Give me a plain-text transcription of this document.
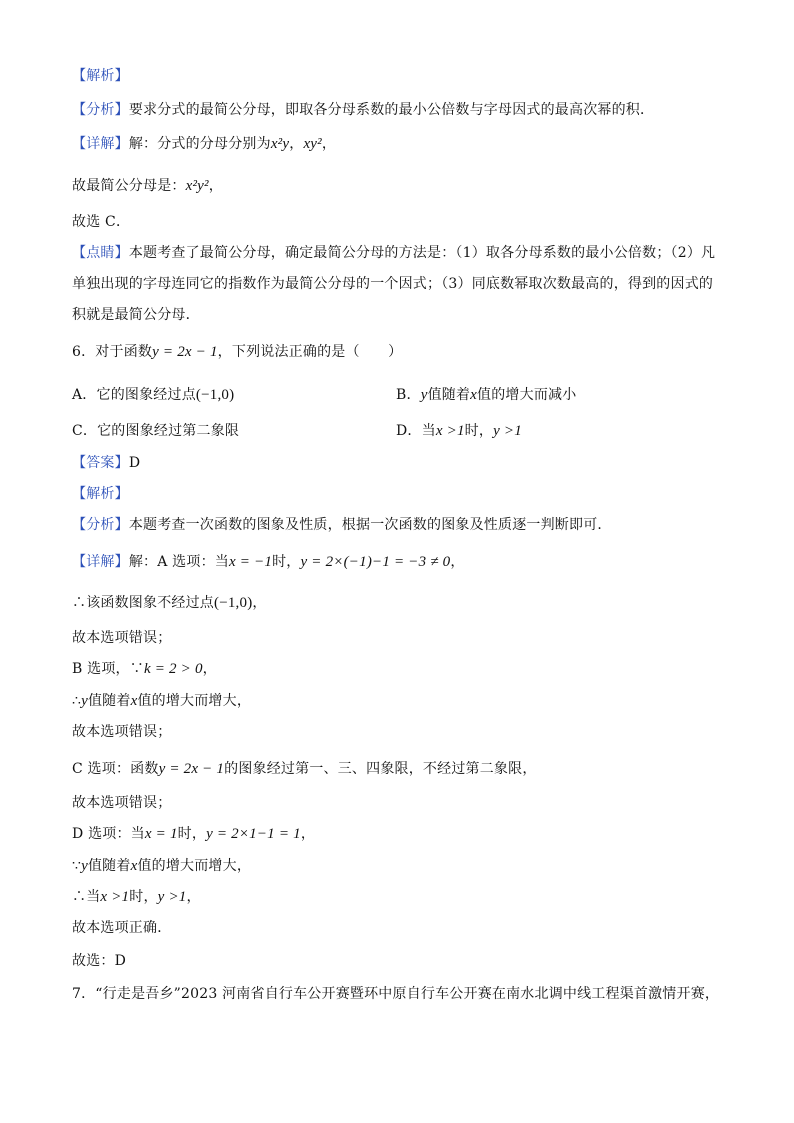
【解析】
【分析】要求分式的最简公分母，即取各分母系数的最小公倍数与字母因式的最高次幂的积．
【详解】解：分式的分母分别为x²y，xy²，
故最简公分母是：x²y²，
故选 C．
【点睛】本题考查了最简公分母，确定最简公分母的方法是：（1）取各分母系数的最小公倍数；（2）凡
单独出现的字母连同它的指数作为最简公分母的一个因式；（3）同底数幂取次数最高的，得到的因式的
积就是最简公分母．
6．对于函数y = 2x − 1，下列说法正确的是（　　）
A．它的图象经过点(−1,0)	B．y值随着x值的增大而减小
C．它的图象经过第二象限	D．当x >1时，y >1
【答案】D
【解析】
【分析】本题考查一次函数的图象及性质，根据一次函数的图象及性质逐一判断即可．
【详解】解：A 选项：当x = −1时，y = 2×(−1)−1 = −3 ≠ 0，
∴该函数图象不经过点(−1,0)，
故本选项错误；
B 选项，∵k = 2 > 0，
∴y值随着x值的增大而增大，
故本选项错误；
C 选项：函数y = 2x − 1的图象经过第一、三、四象限，不经过第二象限，
故本选项错误；
D 选项：当x = 1时，y = 2×1−1 = 1，
∵y值随着x值的增大而增大，
∴当x >1时，y >1，
故本选项正确．
故选：D
7．“行走是吾乡”2023 河南省自行车公开赛暨环中原自行车公开赛在南水北调中线工程渠首激情开赛，
